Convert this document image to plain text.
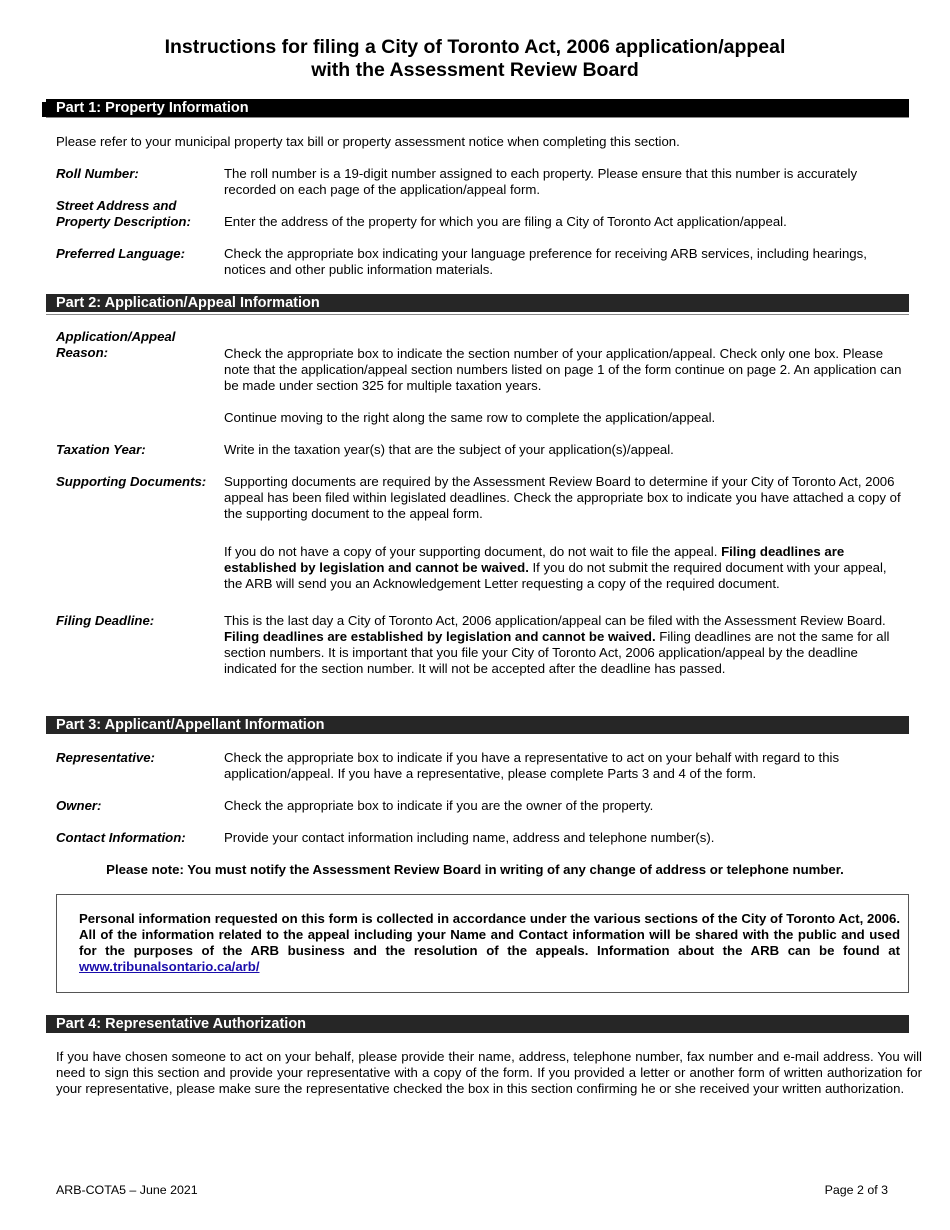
Instructions for filing a City of Toronto Act, 2006 application/appeal
with the Assessment Review Board
Part 1: Property Information
Please refer to your municipal property tax bill or property assessment notice when completing this section.
Roll Number:	The roll number is a 19-digit number assigned to each property. Please ensure that this number is accurately recorded on each page of the application/appeal form.
Street Address and
Property Description:	Enter the address of the property for which you are filing a City of Toronto Act application/appeal.
Preferred Language:	Check the appropriate box indicating your language preference for receiving ARB services, including hearings, notices and other public information materials.
Part 2: Application/Appeal Information
Application/Appeal
Reason:	Check the appropriate box to indicate the section number of your application/appeal. Check only one box. Please note that the application/appeal section numbers listed on page 1 of the form continue on page 2. An application can be made under section 325 for multiple taxation years.
Continue moving to the right along the same row to complete the application/appeal.
Taxation Year:	Write in the taxation year(s) that are the subject of your application(s)/appeal.
Supporting Documents: Supporting documents are required by the Assessment Review Board to determine if your City of Toronto Act, 2006 appeal has been filed within legislated deadlines. Check the appropriate box to indicate you have attached a copy of the supporting document to the appeal form.
If you do not have a copy of your supporting document, do not wait to file the appeal. Filing deadlines are established by legislation and cannot be waived. If you do not submit the required document with your appeal, the ARB will send you an Acknowledgement Letter requesting a copy of the required document.
Filing Deadline:	This is the last day a City of Toronto Act, 2006 application/appeal can be filed with the Assessment Review Board. Filing deadlines are established by legislation and cannot be waived. Filing deadlines are not the same for all section numbers. It is important that you file your City of Toronto Act, 2006 application/appeal by the deadline indicated for the section number. It will not be accepted after the deadline has passed.
Part 3: Applicant/Appellant Information
Representative:	Check the appropriate box to indicate if you have a representative to act on your behalf with regard to this application/appeal. If you have a representative, please complete Parts 3 and 4 of the form.
Owner:	Check the appropriate box to indicate if you are the owner of the property.
Contact Information:	Provide your contact information including name, address and telephone number(s).
Please note: You must notify the Assessment Review Board in writing of any change of address or telephone number.
Personal information requested on this form is collected in accordance under the various sections of the City of Toronto Act, 2006. All of the information related to the appeal including your Name and Contact information will be shared with the public and used for the purposes of the ARB business and the resolution of the appeals. Information about the ARB can be found at www.tribunalsontario.ca/arb/
Part 4: Representative Authorization
If you have chosen someone to act on your behalf, please provide their name, address, telephone number, fax number and e-mail address. You will need to sign this section and provide your representative with a copy of the form. If you provided a letter or another form of written authorization for your representative, please make sure the representative checked the box in this section confirming he or she received your written authorization.
ARB-COTA5 – June 2021	Page 2 of 3
